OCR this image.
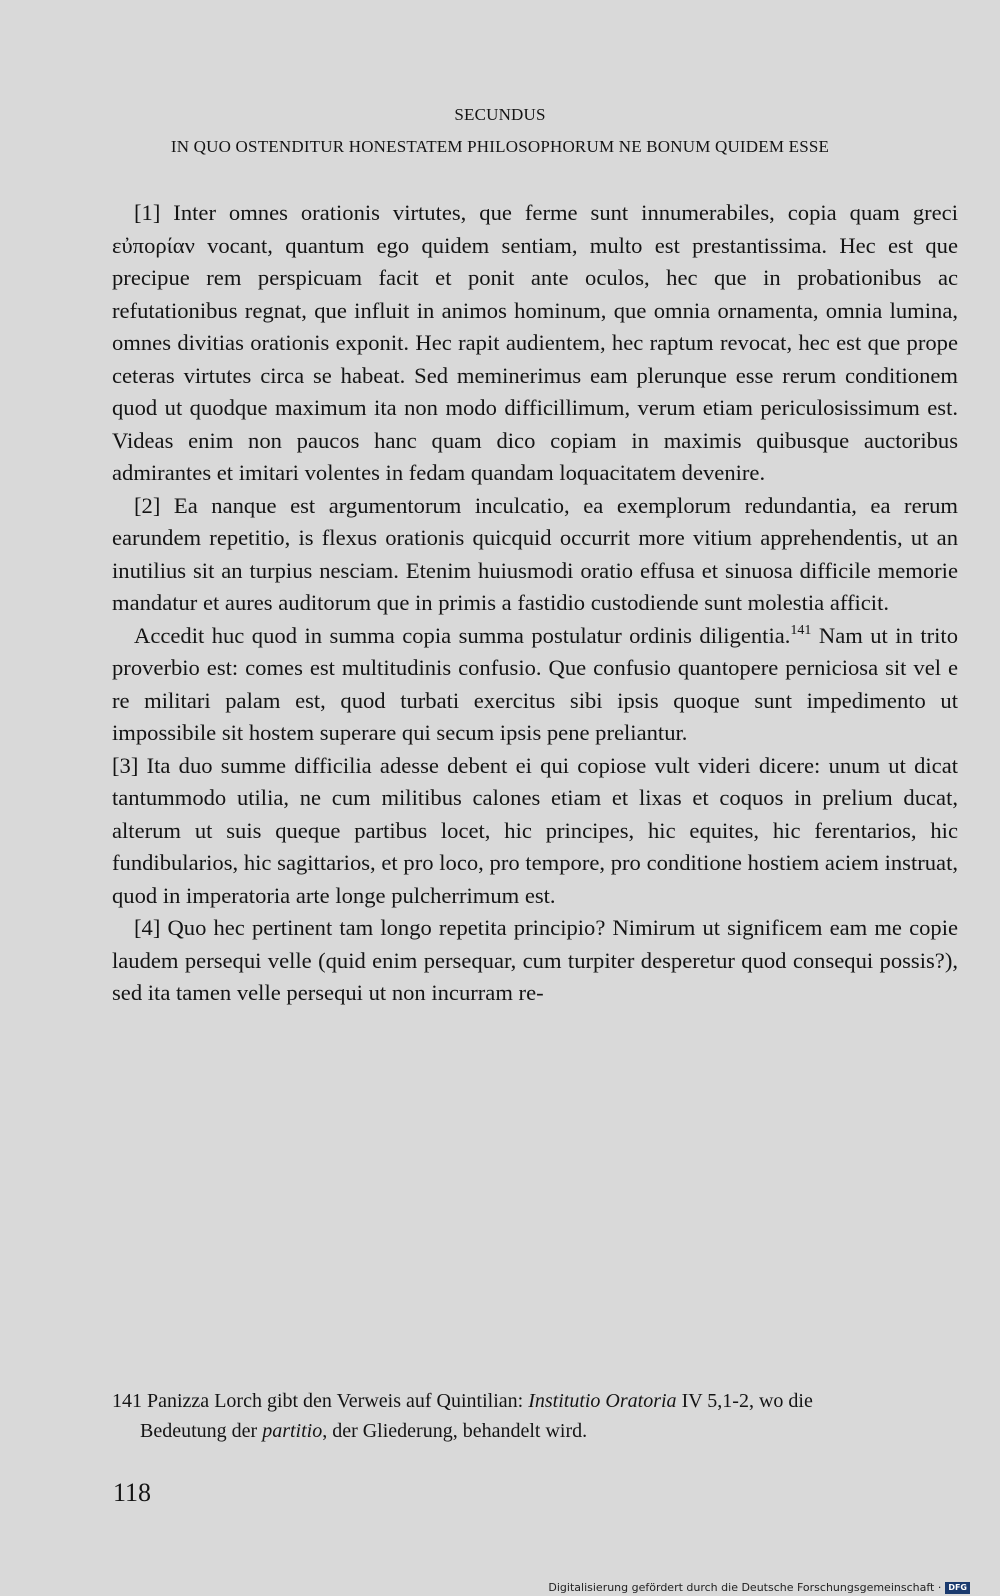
SECUNDUS
IN QUO OSTENDITUR HONESTATEM PHILOSOPHORUM NE BONUM QUIDEM ESSE

[1] Inter omnes orationis virtutes, que ferme sunt innumerabiles, copia quam greci εὐπορίαν vocant, quantum ego quidem sentiam, multo est prestantissima. Hec est que precipue rem perspicuam facit et ponit ante oculos, hec que in probationibus ac refutationibus regnat, que influit in animos hominum, que omnia ornamenta, omnia lumina, omnes divitias orationis exponit. Hec rapit audientem, hec raptum revocat, hec est que prope ceteras virtutes circa se habeat. Sed meminerimus eam plerunque esse rerum conditionem quod ut quodque maximum ita non modo difficillimum, verum etiam periculosissimum est. Videas enim non paucos hanc quam dico copiam in maximis quibusque auctoribus admirantes et imitari volentes in fedam quandam loquacitatem devenire.

[2] Ea nanque est argumentorum inculcatio, ea exemplorum redundantia, ea rerum earundem repetitio, is flexus orationis quicquid occurrit more vitium apprehendentis, ut an inutilius sit an turpius nesciam. Etenim huiusmodi oratio effusa et sinuosa difficile memorie mandatur et aures auditorum que in primis a fastidio custodiende sunt molestia afficit.

Accedit huc quod in summa copia summa postulatur ordinis diligentia.$^{141}$ Nam ut in trito proverbio est: comes est multitudinis confusio. Que confusio quantopere perniciosa sit vel e re militari palam est, quod turbati exercitus sibi ipsis quoque sunt impedimento ut impossibile sit hostem superare qui secum ipsis pene preliantur.

[3] Ita duo summe difficilia adesse debent ei qui copiose vult videri dicere: unum ut dicat tantummodo utilia, ne cum militibus calones etiam et lixas et coquos in prelium ducat, alterum ut suis queque partibus locet, hic principes, hic equites, hic ferentarios, hic fundibularios, hic sagittarios, et pro loco, pro tempore, pro conditione hostiem aciem instruat, quod in imperatoria arte longe pulcherrimum est.

[4] Quo hec pertinent tam longo repetita principio? Nimirum ut significem eam me copie laudem persequi velle (quid enim persequar, cum turpiter desperetur quod consequi possis?), sed ita tamen velle persequi ut non incurram re-

141 Panizza Lorch gibt den Verweis auf Quintilian: Institutio Oratoria IV 5,1-2, wo die
Bedeutung der partitio, der Gliederung, behandelt wird.
118
Digitalisierung gefördert durch die Deutsche Forschungsgemeinschaft · DFG
